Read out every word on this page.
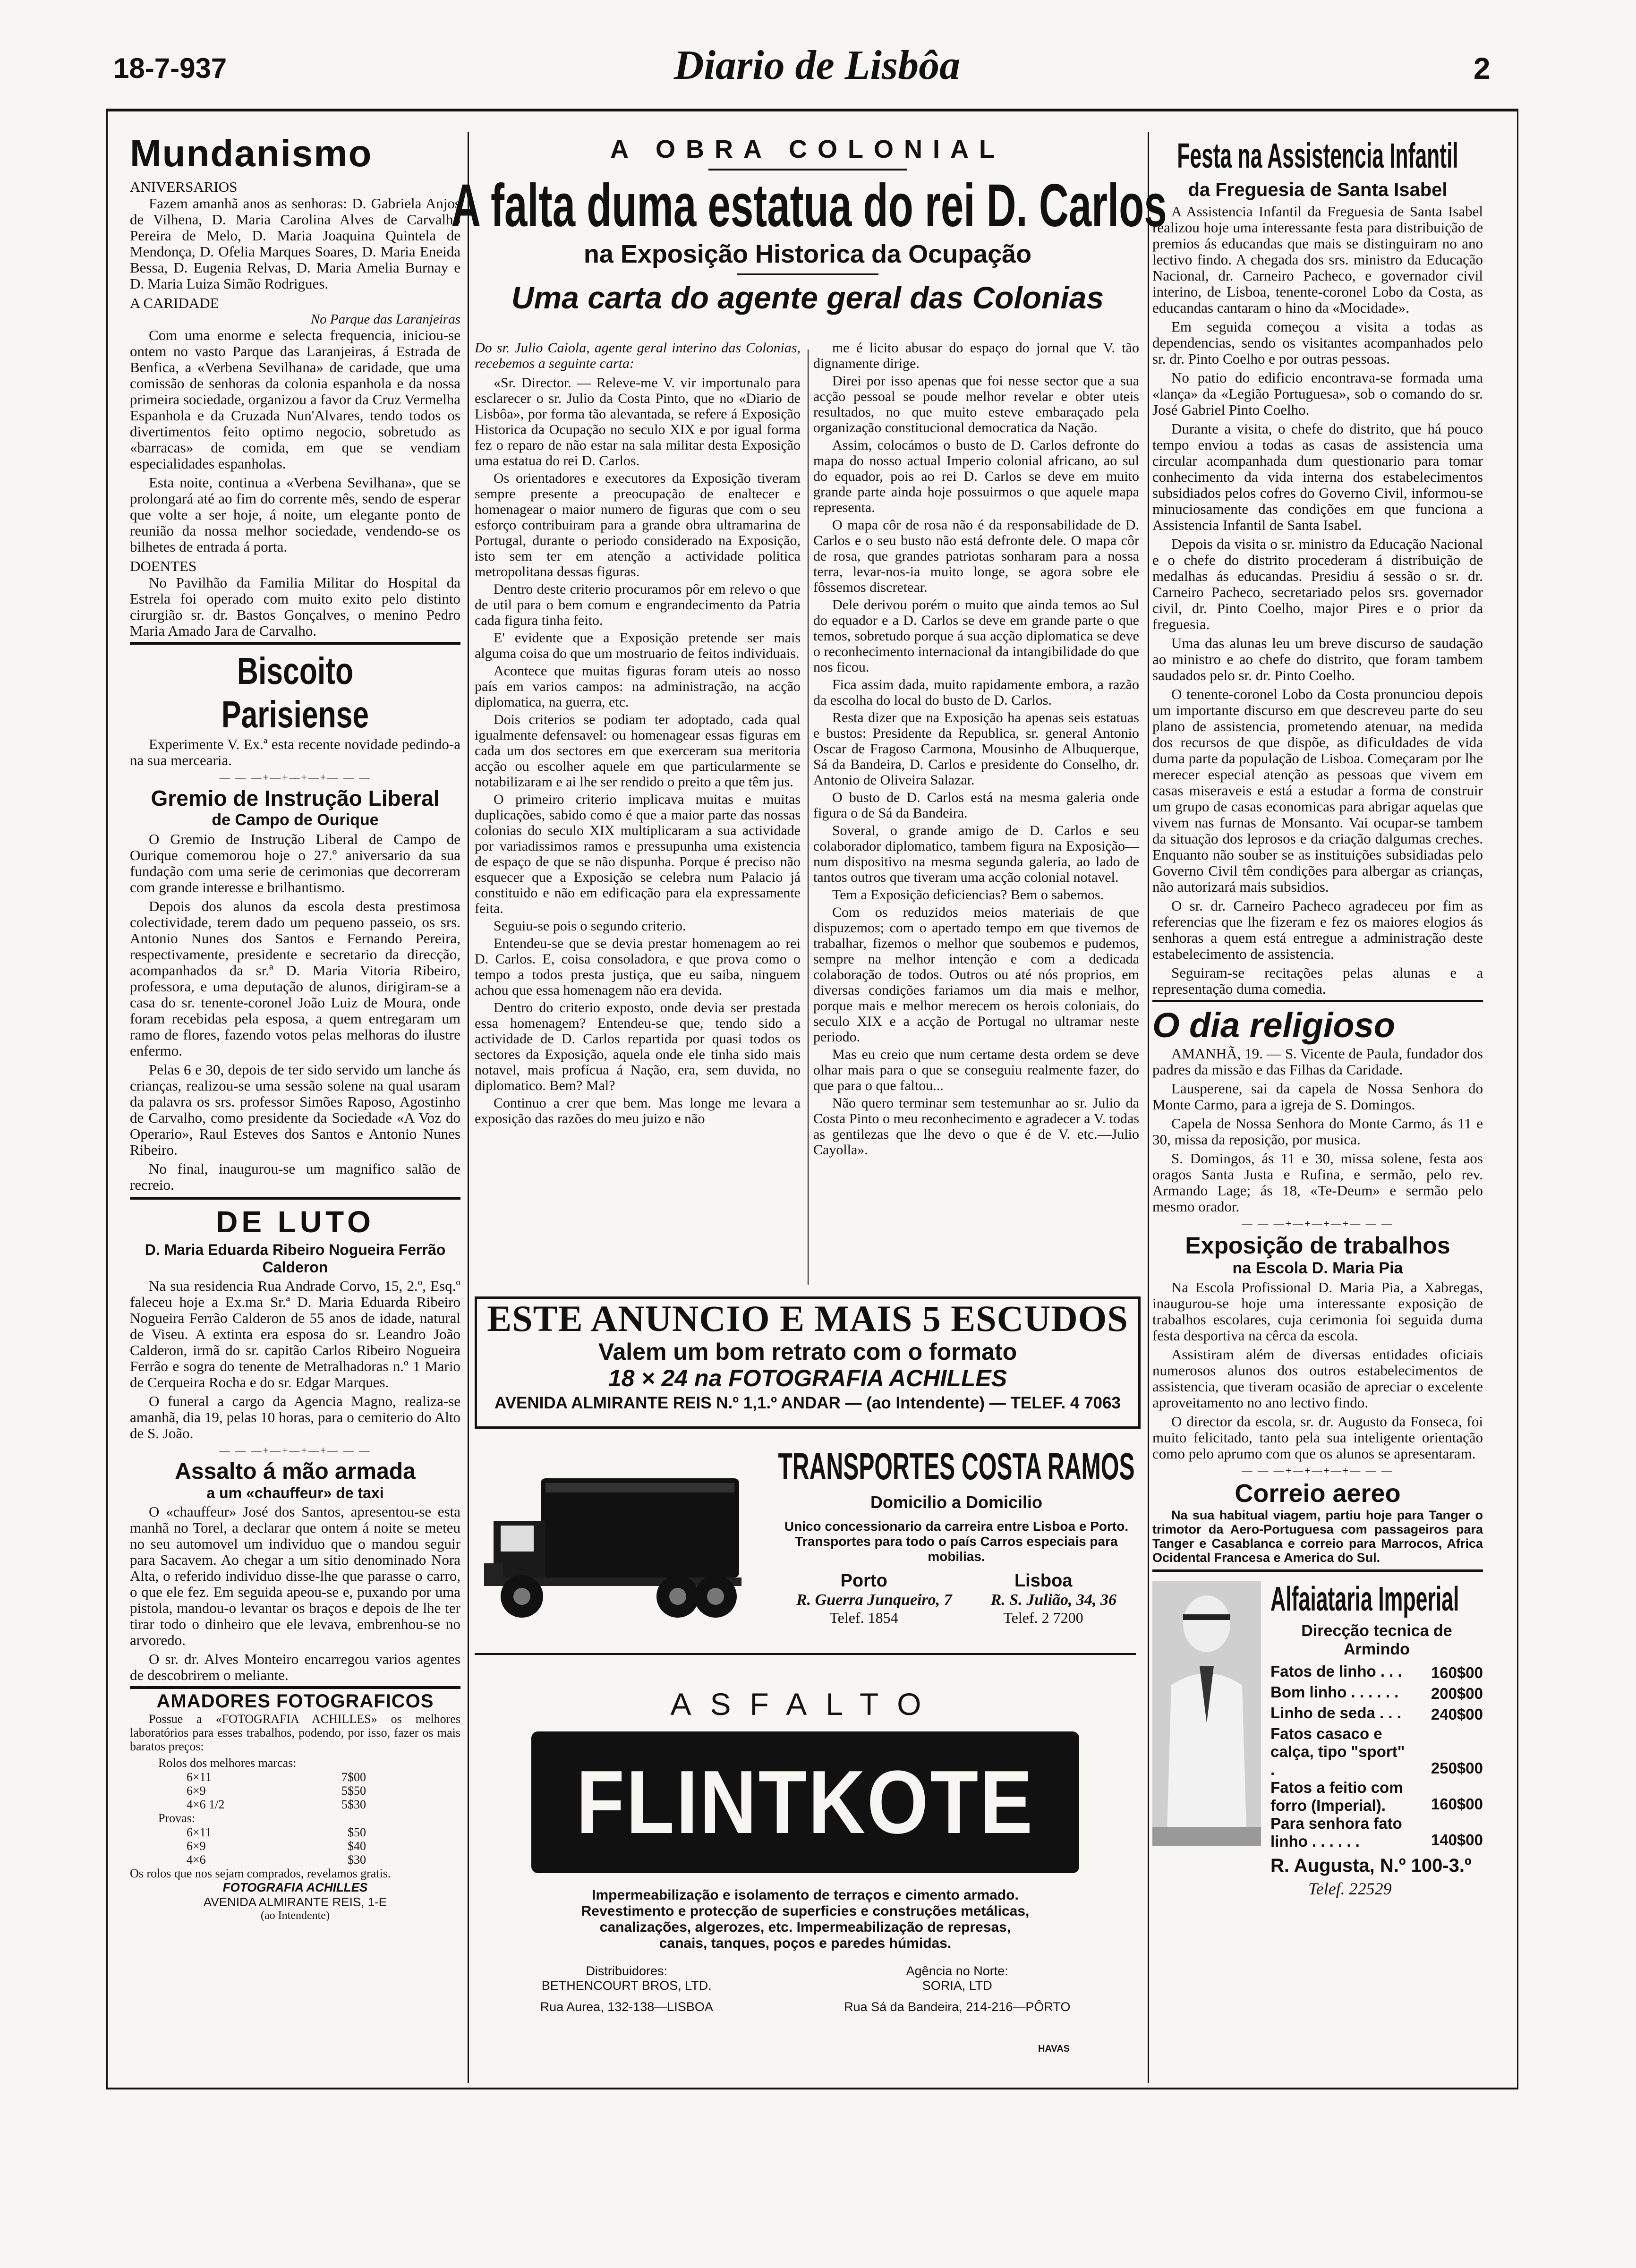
18-7-937	Diario de Lisbôa	2
Mundanismo
ANIVERSARIOS

Fazem amanhã anos as senhoras: D. Gabriela Anjos de Vilhena, D. Maria Carolina Alves de Carvalho Pereira de Melo, D. Maria Joaquina Quintela de Mendonça, D. Ofelia Marques Soares, D. Maria Eneida Bessa, D. Eugenia Relvas, D. Maria Amelia Burnay e D. Maria Luiza Simão Rodrigues.

A CARIDADE
No Parque das Laranjeiras

Com uma enorme e selecta frequencia, iniciou-se ontem no vasto Parque das Laranjeiras, á Estrada de Benfica, a «Verbena Sevilhana» de caridade, que uma comissão de senhoras da colonia espanhola e da nossa primeira sociedade, organizou a favor da Cruz Vermelha Espanhola e da Cruzada Nun'Alvares, tendo todos os divertimentos feito optimo negocio, sobretudo as «barracas» de comida, em que se vendiam especialidades espanholas.

Esta noite, continua a «Verbena Sevilhana», que se prolongará até ao fim do corrente mês, sendo de esperar que volte a ser hoje, á noite, um elegante ponto de reunião da nossa melhor sociedade, vendendo-se os bilhetes de entrada á porta.

DOENTES

No Pavilhão da Familia Militar do Hospital da Estrela foi operado com muito exito pelo distinto cirurgião sr. dr. Bastos Gonçalves, o menino Pedro Maria Amado Jara de Carvalho.

Biscoito Parisiense

Experimente V. Ex.ª esta recente novidade pedindo-a na sua mercearia.

— — —+—+—+—+— — —
Gremio de Instrução Liberal
de Campo de Ourique

O Gremio de Instrução Liberal de Campo de Ourique comemorou hoje o 27.º aniversario da sua fundação com uma serie de cerimonias que decorreram com grande interesse e brilhantismo.

Depois dos alunos da escola desta prestimosa colectividade, terem dado um pequeno passeio, os srs. Antonio Nunes dos Santos e Fernando Pereira, respectivamente, presidente e secretario da direcção, acompanhados da sr.ª D. Maria Vitoria Ribeiro, professora, e uma deputação de alunos, dirigiram-se a casa do sr. tenente-coronel João Luiz de Moura, onde foram recebidas pela esposa, a quem entregaram um ramo de flores, fazendo votos pelas melhoras do ilustre enfermo.

Pelas 6 e 30, depois de ter sido servido um lanche ás crianças, realizou-se uma sessão solene na qual usaram da palavra os srs. professor Simões Raposo, Agostinho de Carvalho, como presidente da Sociedade «A Voz do Operario», Raul Esteves dos Santos e Antonio Nunes Ribeiro.

No final, inaugurou-se um magnifico salão de recreio.

DE LUTO
D. Maria Eduarda Ribeiro Nogueira Ferrão Calderon

Na sua residencia Rua Andrade Corvo, 15, 2.º, Esq.º faleceu hoje a Ex.ma Sr.ª D. Maria Eduarda Ribeiro Nogueira Ferrão Calderon de 55 anos de idade, natural de Viseu. A extinta era esposa do sr. Leandro João Calderon, irmã do sr. capitão Carlos Ribeiro Nogueira Ferrão e sogra do tenente de Metralhadoras n.º 1 Mario de Cerqueira Rocha e do sr. Edgar Marques.

O funeral a cargo da Agencia Magno, realiza-se amanhã, dia 19, pelas 10 horas, para o cemiterio do Alto de S. João.

— — —+—+—+—+— — —
Assalto á mão armada
a um «chauffeur» de taxi

O «chauffeur» José dos Santos, apresentou-se esta manhã no Torel, a declarar que ontem á noite se meteu no seu automovel um individuo que o mandou seguir para Sacavem. Ao chegar a um sitio denominado Nora Alta, o referido individuo disse-lhe que parasse o carro, o que ele fez. Em seguida apeou-se e, puxando por uma pistola, mandou-o levantar os braços e depois de lhe ter tirar todo o dinheiro que ele levava, embrenhou-se no arvoredo.

O sr. dr. Alves Monteiro encarregou varios agentes de descobrirem o meliante.

AMADORES FOTOGRAFICOS

Possue a «FOTOGRAFIA ACHILLES» os melhores laboratórios para esses trabalhos, podendo, por isso, fazer os mais baratos preços:

Rolos dos melhores marcas:
6×11	7$00
6×9	5$50
4×6 1/2	5$30
Provas:
6×11	$50
6×9	$40
4×6	$30
Os rolos que nos sejam comprados, revelamos gratis.
FOTOGRAFIA ACHILLES
AVENIDA ALMIRANTE REIS, 1-E
(ao Intendente)
A OBRA COLONIAL
A falta duma estatua do rei D. Carlos
na Exposição Historica da Ocupação
Uma carta do agente geral das Colonias

Do sr. Julio Caiola, agente geral interino das Colonias, recebemos a seguinte carta:

«Sr. Director. — Releve-me V. vir importunalo para esclarecer o sr. Julio da Costa Pinto, que no «Diario de Lisbôa», por forma tão alevantada, se refere á Exposição Historica da Ocupação no seculo XIX e por igual forma fez o reparo de não estar na sala militar desta Exposição uma estatua do rei D. Carlos.

Os orientadores e executores da Exposição tiveram sempre presente a preocupação de enaltecer e homenagear o maior numero de figuras que com o seu esforço contribuiram para a grande obra ultramarina de Portugal, durante o periodo considerado na Exposição, isto sem ter em atenção a actividade politica metropolitana dessas figuras.

Dentro deste criterio procuramos pôr em relevo o que de util para o bem comum e engrandecimento da Patria cada figura tinha feito.

E' evidente que a Exposição pretende ser mais alguma coisa do que um mostruario de feitos individuais.

Acontece que muitas figuras foram uteis ao nosso país em varios campos: na administração, na acção diplomatica, na guerra, etc.

Dois criterios se podiam ter adoptado, cada qual igualmente defensavel: ou homenagear essas figuras em cada um dos sectores em que exerceram sua meritoria acção ou escolher aquele em que particularmente se notabilizaram e ai lhe ser rendido o preito a que têm jus.

O primeiro criterio implicava muitas e muitas duplicações, sabido como é que a maior parte das nossas colonias do seculo XIX multiplicaram a sua actividade por variadissimos ramos e pressupunha uma existencia de espaço de que se não dispunha. Porque é preciso não esquecer que a Exposição se celebra num Palacio já constituido e não em edificação para ela expressamente feita.

Seguiu-se pois o segundo criterio.

Entendeu-se que se devia prestar homenagem ao rei D. Carlos. E, coisa consoladora, e que prova como o tempo a todos presta justiça, que eu saiba, ninguem achou que essa homenagem não era devida.

Dentro do criterio exposto, onde devia ser prestada essa homenagem? Entendeu-se que, tendo sido a actividade de D. Carlos repartida por quasi todos os sectores da Exposição, aquela onde ele tinha sido mais notavel, mais profícua á Nação, era, sem duvida, no diplomatico. Bem? Mal?

Continuo a crer que bem. Mas longe me levara a exposição das razões do meu juizo e não

me é licito abusar do espaço do jornal que V. tão dignamente dirige.

Direi por isso apenas que foi nesse sector que a sua acção pessoal se poude melhor revelar e obter uteis resultados, no que muito esteve embaraçado pela organização constitucional democratica da Nação.

Assim, colocámos o busto de D. Carlos defronte do mapa do nosso actual Imperio colonial africano, ao sul do equador, pois ao rei D. Carlos se deve em muito grande parte ainda hoje possuirmos o que aquele mapa representa.

O mapa côr de rosa não é da responsabilidade de D. Carlos e o seu busto não está defronte dele. O mapa côr de rosa, que grandes patriotas sonharam para a nossa terra, levar-nos-ia muito longe, se agora sobre ele fôssemos discretear.

Dele derivou porém o muito que ainda temos ao Sul do equador e a D. Carlos se deve em grande parte o que temos, sobretudo porque á sua acção diplomatica se deve o reconhecimento internacional da intangibilidade do que nos ficou.

Fica assim dada, muito rapidamente embora, a razão da escolha do local do busto de D. Carlos.

Resta dizer que na Exposição ha apenas seis estatuas e bustos: Presidente da Republica, sr. general Antonio Oscar de Fragoso Carmona, Mousinho de Albuquerque, Sá da Bandeira, D. Carlos e presidente do Conselho, dr. Antonio de Oliveira Salazar.

O busto de D. Carlos está na mesma galeria onde figura o de Sá da Bandeira.

Soveral, o grande amigo de D. Carlos e seu colaborador diplomatico, tambem figura na Exposição—num dispositivo na mesma segunda galeria, ao lado de tantos outros que tiveram uma acção colonial notavel.

Tem a Exposição deficiencias? Bem o sabemos.

Com os reduzidos meios materiais de que dispuzemos; com o apertado tempo em que tivemos de trabalhar, fizemos o melhor que soubemos e pudemos, sempre na melhor intenção e com a dedicada colaboração de todos. Outros ou até nós proprios, em diversas condições fariamos um dia mais e melhor, porque mais e melhor merecem os herois coloniais, do seculo XIX e a acção de Portugal no ultramar neste periodo.

Mas eu creio que num certame desta ordem se deve olhar mais para o que se conseguiu realmente fazer, do que para o que faltou...

Não quero terminar sem testemunhar ao sr. Julio da Costa Pinto o meu reconhecimento e agradecer a V. todas as gentilezas que lhe devo o que é de V. etc.—Julio Cayolla».

ESTE ANUNCIO E MAIS 5 ESCUDOS
Valem um bom retrato com o formato
18 × 24 na FOTOGRAFIA ACHILLES
AVENIDA ALMIRANTE REIS N.º 1,1.º ANDAR — (ao Intendente) — TELEF. 4 7063
TRANSPORTES COSTA RAMOS
Domicilio a Domicilio

Unico concessionario da carreira entre Lisboa e Porto. Transportes para todo o país Carros especiais para mobilias.

Porto	Lisboa
R. Guerra Junqueiro, 7 R. S. Julião, 34, 36
Telef. 1854	Telef. 2 7200
ASFALTO
FLINTKOTE
Impermeabilização e isolamento de terraços e cimento armado.
Revestimento e protecção de superficies e construções metálicas,
canalizações, algerozes, etc. Impermeabilização de represas,
canais, tanques, poços e paredes húmidas.
Distribuidores:
BETHENCOURT BROS, LTD.
Rua Aurea, 132-138—LISBOA
Agência no Norte:
SORIA, LTD
Rua Sá da Bandeira, 214-216—PÔRTO
HAVAS
Festa na Assistencia Infantil
da Freguesia de Santa Isabel

A Assistencia Infantil da Freguesia de Santa Isabel realizou hoje uma interessante festa para distribuição de premios ás educandas que mais se distinguiram no ano lectivo findo. A chegada dos srs. ministro da Educação Nacional, dr. Carneiro Pacheco, e governador civil interino, de Lisboa, tenente-coronel Lobo da Costa, as educandas cantaram o hino da «Mocidade».

Em seguida começou a visita a todas as dependencias, sendo os visitantes acompanhados pelo sr. dr. Pinto Coelho e por outras pessoas.

No patio do edificio encontrava-se formada uma «lança» da «Legião Portuguesa», sob o comando do sr. José Gabriel Pinto Coelho.

Durante a visita, o chefe do distrito, que há pouco tempo enviou a todas as casas de assistencia uma circular acompanhada dum questionario para tomar conhecimento da vida interna dos estabelecimentos subsidiados pelos cofres do Governo Civil, informou-se minuciosamente das condições em que funciona a Assistencia Infantil de Santa Isabel.

Depois da visita o sr. ministro da Educação Nacional e o chefe do distrito procederam á distribuição de medalhas ás educandas. Presidiu á sessão o sr. dr. Carneiro Pacheco, secretariado pelos srs. governador civil, dr. Pinto Coelho, major Pires e o prior da freguesia.

Uma das alunas leu um breve discurso de saudação ao ministro e ao chefe do distrito, que foram tambem saudados pelo sr. dr. Pinto Coelho.

O tenente-coronel Lobo da Costa pronunciou depois um importante discurso em que descreveu parte do seu plano de assistencia, prometendo atenuar, na medida dos recursos de que dispõe, as dificuldades de vida duma parte da população de Lisboa. Começaram por lhe merecer especial atenção as pessoas que vivem em casas miseraveis e está a estudar a forma de construir um grupo de casas economicas para abrigar aquelas que vivem nas furnas de Monsanto. Vai ocupar-se tambem da situação dos leprosos e da criação dalgumas creches. Enquanto não souber se as instituições subsidiadas pelo Governo Civil têm condições para albergar as crianças, não autorizará mais subsidios.

O sr. dr. Carneiro Pacheco agradeceu por fim as referencias que lhe fizeram e fez os maiores elogios ás senhoras a quem está entregue a administração deste estabelecimento de assistencia.

Seguiram-se recitações pelas alunas e a representação duma comedia.

O dia religioso

AMANHÃ, 19. — S. Vicente de Paula, fundador dos padres da missão e das Filhas da Caridade.

Lausperene, sai da capela de Nossa Senhora do Monte Carmo, para a igreja de S. Domingos.

Capela de Nossa Senhora do Monte Carmo, ás 11 e 30, missa da reposição, por musica.

S. Domingos, ás 11 e 30, missa solene, festa aos oragos Santa Justa e Rufina, e sermão, pelo rev. Armando Lage; ás 18, «Te-Deum» e sermão pelo mesmo orador.

— — —+—+—+—+— — —
Exposição de trabalhos
na Escola D. Maria Pia

Na Escola Profissional D. Maria Pia, a Xabregas, inaugurou-se hoje uma interessante exposição de trabalhos escolares, cuja cerimonia foi seguida duma festa desportiva na cêrca da escola.

Assistiram além de diversas entidades oficiais numerosos alunos dos outros estabelecimentos de assistencia, que tiveram ocasião de apreciar o excelente aproveitamento no ano lectivo findo.

O director da escola, sr. dr. Augusto da Fonseca, foi muito felicitado, tanto pela sua inteligente orientação como pelo aprumo com que os alunos se apresentaram.

— — —+—+—+—+— — —
Correio aereo

Na sua habitual viagem, partiu hoje para Tanger o trimotor da Aero-Portuguesa com passageiros para Tanger e Casablanca e correio para Marrocos, Africa Ocidental Francesa e America do Sul.

Alfaiataria Imperial
Direcção tecnica de Armindo
Fatos de linho . . . 160$00
Bom linho . . . . . . 200$00
Linho de seda . . . 240$00
Fatos casaco e calça, tipo "sport" .	250$00
Fatos a feitio com forro (Imperial).	160$00
Para senhora fato linho . . . . . .	140$00
R. Augusta, N.º 100-3.º
Telef. 22529
